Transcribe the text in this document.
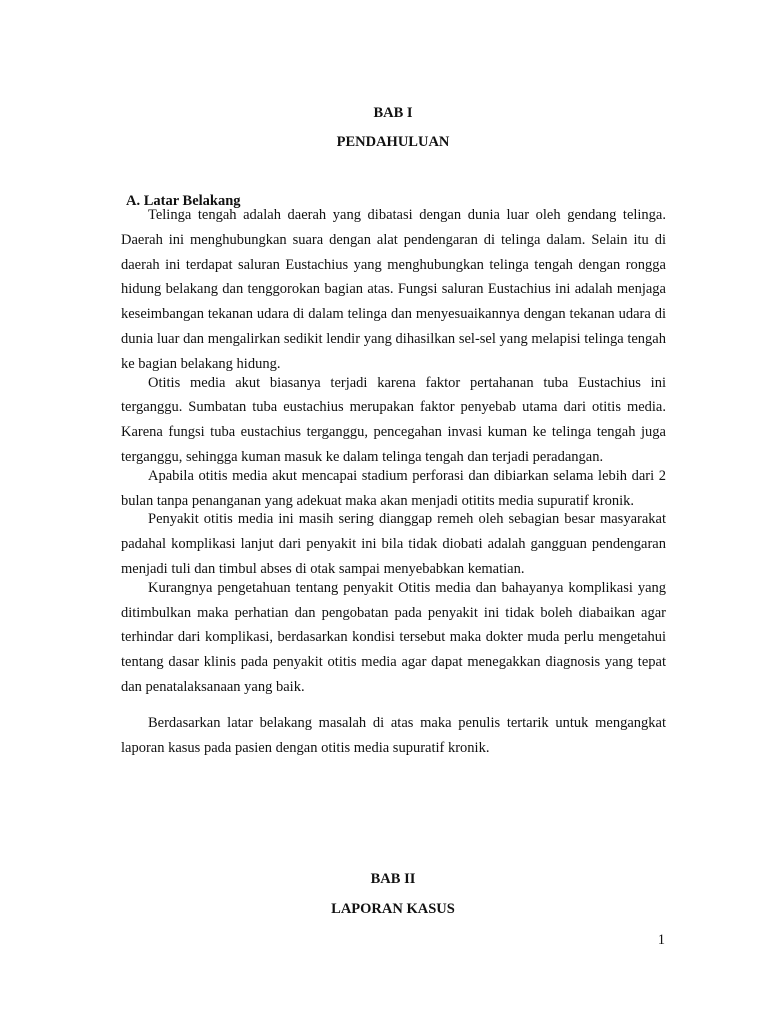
BAB I

PENDAHULUAN

A. Latar Belakang

Telinga tengah adalah daerah yang dibatasi dengan dunia luar oleh gendang telinga. Daerah ini menghubungkan suara dengan alat pendengaran di telinga dalam. Selain itu di daerah ini terdapat saluran Eustachius yang menghubungkan telinga tengah dengan rongga hidung belakang dan tenggorokan bagian atas. Fungsi saluran Eustachius ini adalah menjaga keseimbangan tekanan udara di dalam telinga dan menyesuaikannya dengan tekanan udara di dunia luar dan mengalirkan sedikit lendir yang dihasilkan sel-sel yang melapisi telinga tengah ke bagian belakang hidung.

Otitis media akut biasanya terjadi karena faktor pertahanan tuba Eustachius ini terganggu. Sumbatan tuba eustachius merupakan faktor penyebab utama dari otitis media. Karena fungsi tuba eustachius terganggu, pencegahan invasi kuman ke telinga tengah juga terganggu, sehingga kuman masuk ke dalam telinga tengah dan terjadi peradangan.

Apabila otitis media akut mencapai stadium perforasi dan dibiarkan selama lebih dari 2 bulan tanpa penanganan yang adekuat maka akan menjadi otitits media supuratif kronik.

Penyakit otitis media ini masih sering dianggap remeh oleh sebagian besar masyarakat padahal komplikasi lanjut dari penyakit ini bila tidak diobati adalah gangguan pendengaran menjadi tuli dan timbul abses di otak sampai menyebabkan kematian.

Kurangnya pengetahuan tentang penyakit Otitis media dan bahayanya komplikasi yang ditimbulkan maka perhatian dan pengobatan pada penyakit ini tidak boleh diabaikan agar terhindar dari komplikasi, berdasarkan kondisi tersebut maka dokter muda perlu mengetahui tentang dasar klinis pada penyakit otitis media agar dapat menegakkan diagnosis yang tepat dan penatalaksanaan yang baik.

Berdasarkan latar belakang masalah di atas maka penulis tertarik untuk mengangkat laporan kasus pada pasien dengan otitis media supuratif kronik.

BAB II

LAPORAN KASUS

1
